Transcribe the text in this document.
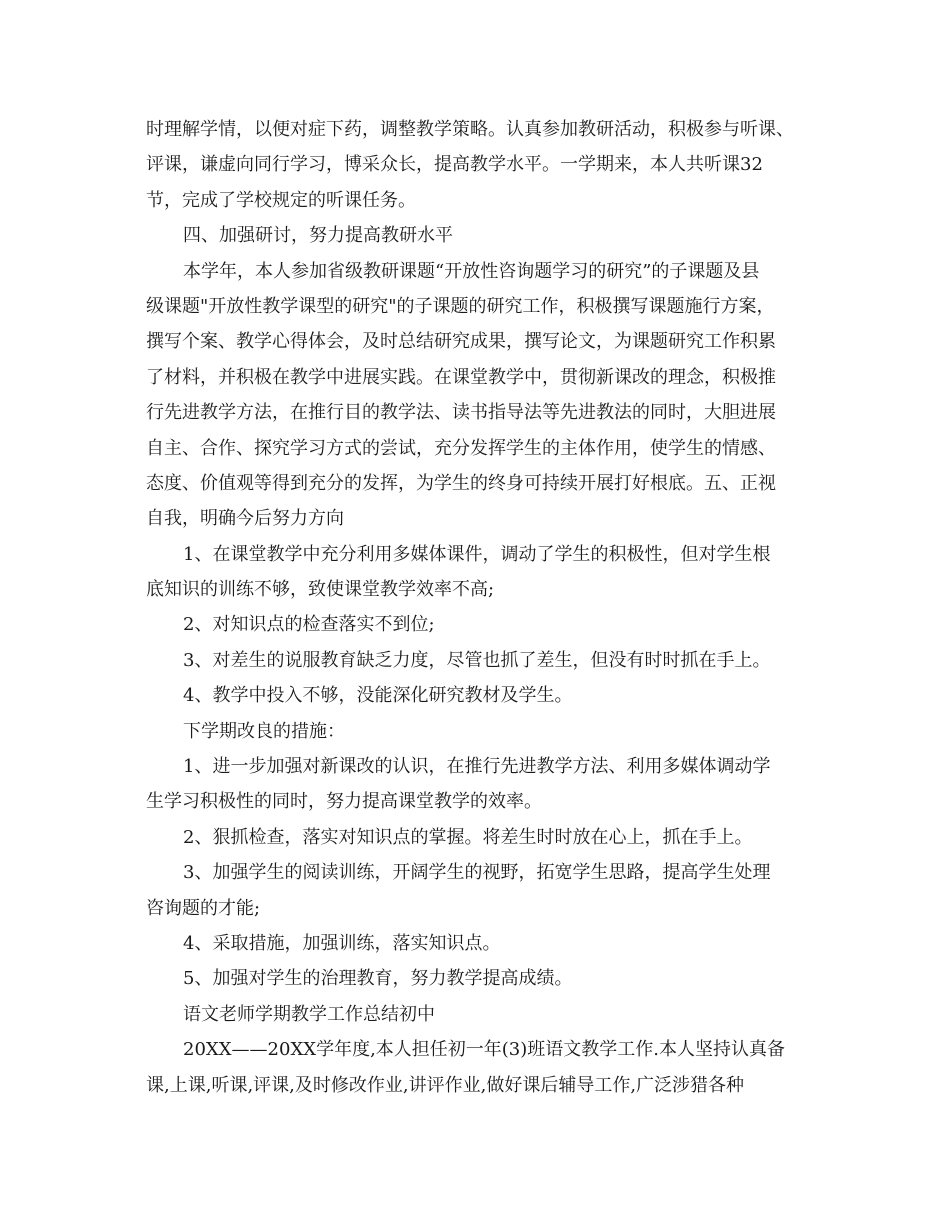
时理解学情，以便对症下药，调整教学策略。认真参加教研活动，积极参与听课、
评课，谦虚向同行学习，博采众长，提高教学水平。一学期来，本人共听课32
节，完成了学校规定的听课任务。
四、加强研讨，努力提高教研水平
本学年，本人参加省级教研课题“开放性咨询题学习的研究”的子课题及县
级课题"开放性教学课型的研究"的子课题的研究工作，积极撰写课题施行方案，
撰写个案、教学心得体会，及时总结研究成果，撰写论文，为课题研究工作积累
了材料，并积极在教学中进展实践。在课堂教学中，贯彻新课改的理念，积极推
行先进教学方法，在推行目的教学法、读书指导法等先进教法的同时，大胆进展
自主、合作、探究学习方式的尝试，充分发挥学生的主体作用，使学生的情感、
态度、价值观等得到充分的发挥，为学生的终身可持续开展打好根底。五、正视
自我，明确今后努力方向
1、在课堂教学中充分利用多媒体课件，调动了学生的积极性，但对学生根
底知识的训练不够，致使课堂教学效率不高;
2、对知识点的检查落实不到位;
3、对差生的说服教育缺乏力度，尽管也抓了差生，但没有时时抓在手上。
4、教学中投入不够，没能深化研究教材及学生。
下学期改良的措施：
1、进一步加强对新课改的认识，在推行先进教学方法、利用多媒体调动学
生学习积极性的同时，努力提高课堂教学的效率。
2、狠抓检查，落实对知识点的掌握。将差生时时放在心上，抓在手上。
3、加强学生的阅读训练，开阔学生的视野，拓宽学生思路，提高学生处理
咨询题的才能;
4、采取措施，加强训练，落实知识点。
5、加强对学生的治理教育，努力教学提高成绩。
语文老师学期教学工作总结初中
20XX——20XX学年度,本人担任初一年(3)班语文教学工作.本人坚持认真备
课,上课,听课,评课,及时修改作业,讲评作业,做好课后辅导工作,广泛涉猎各种
